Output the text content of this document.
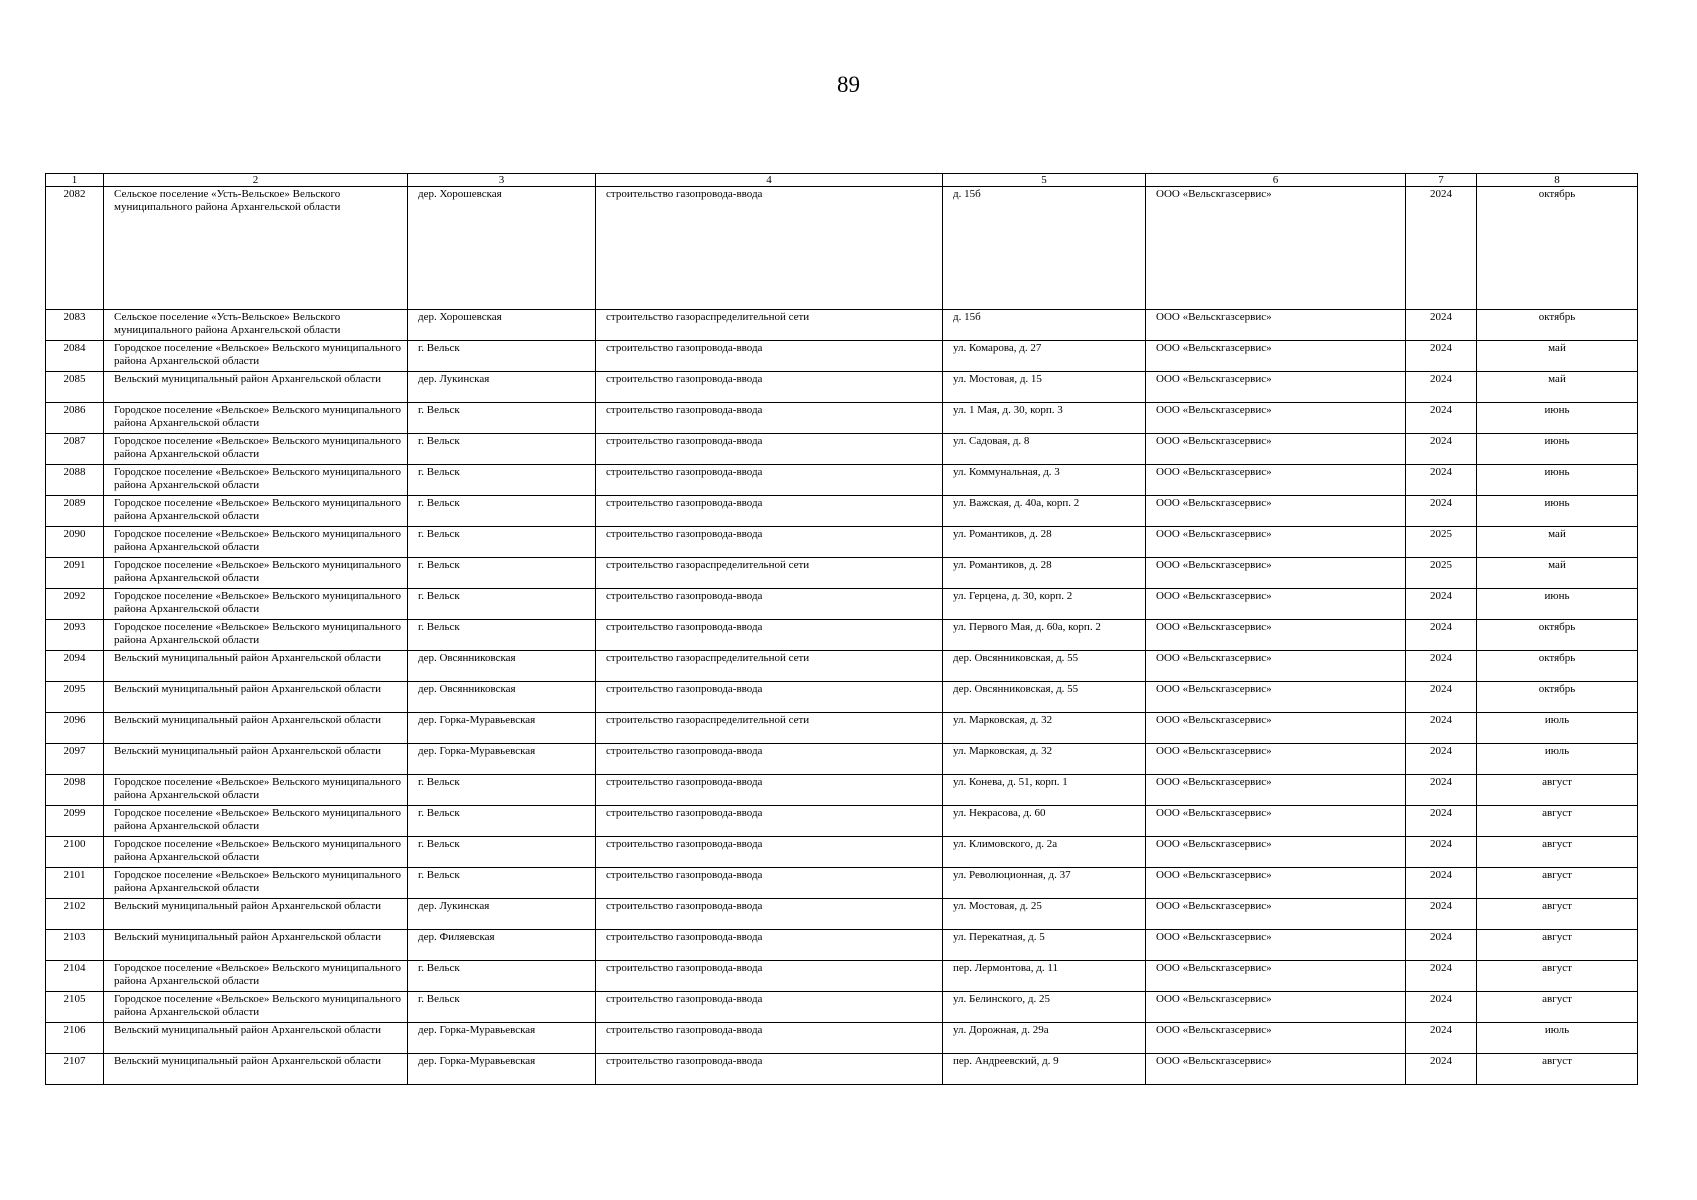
89
1	2	3	4	5	6	7	8
2082	Сельское поселение «Усть-Вельское» Вельского муниципального района Архангельской области	дер. Хорошевская	строительство газопровода-ввода	д. 15б	ООО «Вельскгазсервис»	2024	октябрь
2083	Сельское поселение «Усть-Вельское» Вельского муниципального района Архангельской области	дер. Хорошевская	строительство газораспределительной сети	д. 15б	ООО «Вельскгазсервис»	2024	октябрь
2084	Городское поселение «Вельское» Вельского муниципального района Архангельской области	г. Вельск	строительство газопровода-ввода	ул. Комарова, д. 27	ООО «Вельскгазсервис»	2024	май
2085	Вельский муниципальный район Архангельской области	дер. Лукинская	строительство газопровода-ввода	ул. Мостовая, д. 15	ООО «Вельскгазсервис»	2024	май
2086	Городское поселение «Вельское» Вельского муниципального района Архангельской области	г. Вельск	строительство газопровода-ввода	ул. 1 Мая, д. 30, корп. 3	ООО «Вельскгазсервис»	2024	июнь
2087	Городское поселение «Вельское» Вельского муниципального района Архангельской области	г. Вельск	строительство газопровода-ввода	ул. Садовая, д. 8	ООО «Вельскгазсервис»	2024	июнь
2088	Городское поселение «Вельское» Вельского муниципального района Архангельской области	г. Вельск	строительство газопровода-ввода	ул. Коммунальная, д. 3	ООО «Вельскгазсервис»	2024	июнь
2089	Городское поселение «Вельское» Вельского муниципального района Архангельской области	г. Вельск	строительство газопровода-ввода	ул. Важская, д. 40а, корп. 2	ООО «Вельскгазсервис»	2024	июнь
2090	Городское поселение «Вельское» Вельского муниципального района Архангельской области	г. Вельск	строительство газопровода-ввода	ул. Романтиков, д. 28	ООО «Вельскгазсервис»	2025	май
2091	Городское поселение «Вельское» Вельского муниципального района Архангельской области	г. Вельск	строительство газораспределительной сети	ул. Романтиков, д. 28	ООО «Вельскгазсервис»	2025	май
2092	Городское поселение «Вельское» Вельского муниципального района Архангельской области	г. Вельск	строительство газопровода-ввода	ул. Герцена, д. 30, корп. 2	ООО «Вельскгазсервис»	2024	июнь
2093	Городское поселение «Вельское» Вельского муниципального района Архангельской области	г. Вельск	строительство газопровода-ввода	ул. Первого Мая, д. 60а, корп. 2	ООО «Вельскгазсервис»	2024	октябрь
2094	Вельский муниципальный район Архангельской области	дер. Овсянниковская	строительство газораспределительной сети	дер. Овсянниковская, д. 55	ООО «Вельскгазсервис»	2024	октябрь
2095	Вельский муниципальный район Архангельской области	дер. Овсянниковская	строительство газопровода-ввода	дер. Овсянниковская, д. 55	ООО «Вельскгазсервис»	2024	октябрь
2096	Вельский муниципальный район Архангельской области	дер. Горка-Муравьевская	строительство газораспределительной сети	ул. Марковская, д. 32	ООО «Вельскгазсервис»	2024	июль
2097	Вельский муниципальный район Архангельской области	дер. Горка-Муравьевская	строительство газопровода-ввода	ул. Марковская, д. 32	ООО «Вельскгазсервис»	2024	июль
2098	Городское поселение «Вельское» Вельского муниципального района Архангельской области	г. Вельск	строительство газопровода-ввода	ул. Конева, д. 51, корп. 1	ООО «Вельскгазсервис»	2024	август
2099	Городское поселение «Вельское» Вельского муниципального района Архангельской области	г. Вельск	строительство газопровода-ввода	ул. Некрасова, д. 60	ООО «Вельскгазсервис»	2024	август
2100	Городское поселение «Вельское» Вельского муниципального района Архангельской области	г. Вельск	строительство газопровода-ввода	ул. Климовского, д. 2а	ООО «Вельскгазсервис»	2024	август
2101	Городское поселение «Вельское» Вельского муниципального района Архангельской области	г. Вельск	строительство газопровода-ввода	ул. Революционная, д. 37	ООО «Вельскгазсервис»	2024	август
2102	Вельский муниципальный район Архангельской области	дер. Лукинская	строительство газопровода-ввода	ул. Мостовая, д. 25	ООО «Вельскгазсервис»	2024	август
2103	Вельский муниципальный район Архангельской области	дер. Филяевская	строительство газопровода-ввода	ул. Перекатная, д. 5	ООО «Вельскгазсервис»	2024	август
2104	Городское поселение «Вельское» Вельского муниципального района Архангельской области	г. Вельск	строительство газопровода-ввода	пер. Лермонтова, д. 11	ООО «Вельскгазсервис»	2024	август
2105	Городское поселение «Вельское» Вельского муниципального района Архангельской области	г. Вельск	строительство газопровода-ввода	ул. Белинского, д. 25	ООО «Вельскгазсервис»	2024	август
2106	Вельский муниципальный район Архангельской области	дер. Горка-Муравьевская	строительство газопровода-ввода	ул. Дорожная, д. 29а	ООО «Вельскгазсервис»	2024	июль
2107	Вельский муниципальный район Архангельской области	дер. Горка-Муравьевская	строительство газопровода-ввода	пер. Андреевский, д. 9	ООО «Вельскгазсервис»	2024	август
